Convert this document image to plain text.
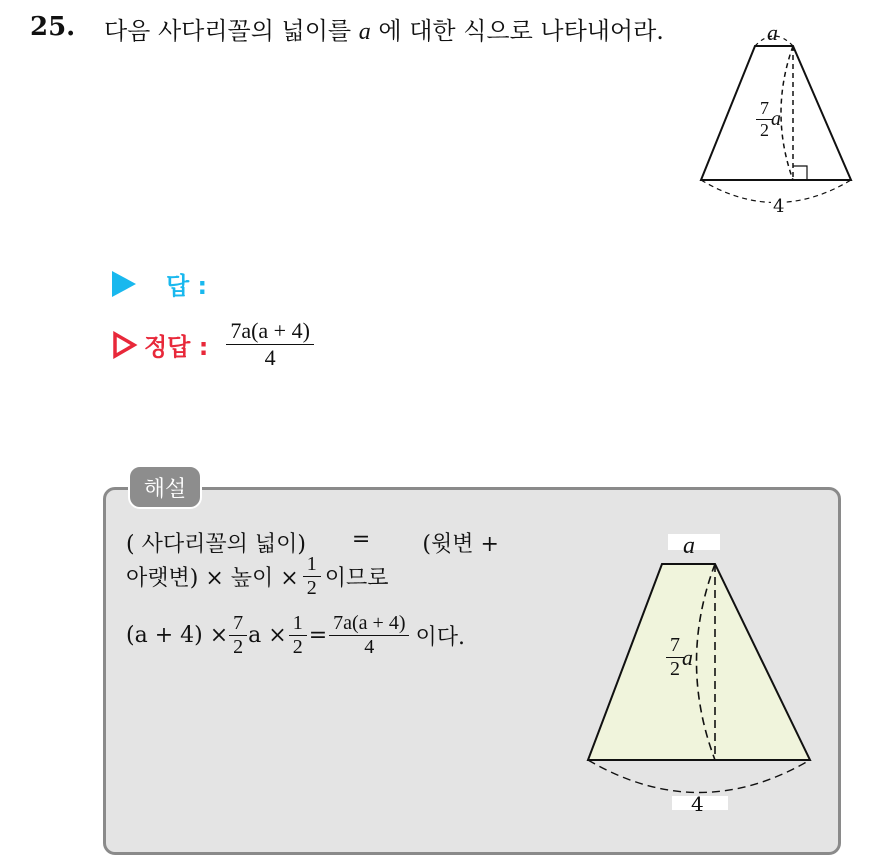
25. 다음 사다리꼴의 넓이를 a 에 대한 식으로 나타내어라.	a
$\frac{7}{2}$ a
4
답 :
정답 : $\frac{7a(a + 4)}{4}$
해설
( 사다리꼴의 넓이) = (윗변 +
아랫변) × 높이 × $\frac{1}{2}$ 이므로
$(a + 4) \times \frac{7}{2}$ $a \times \frac{1}{2} = \frac{7a(a + 4)}{4}$ 이다.
a
$\frac{7}{2}$ a
4
